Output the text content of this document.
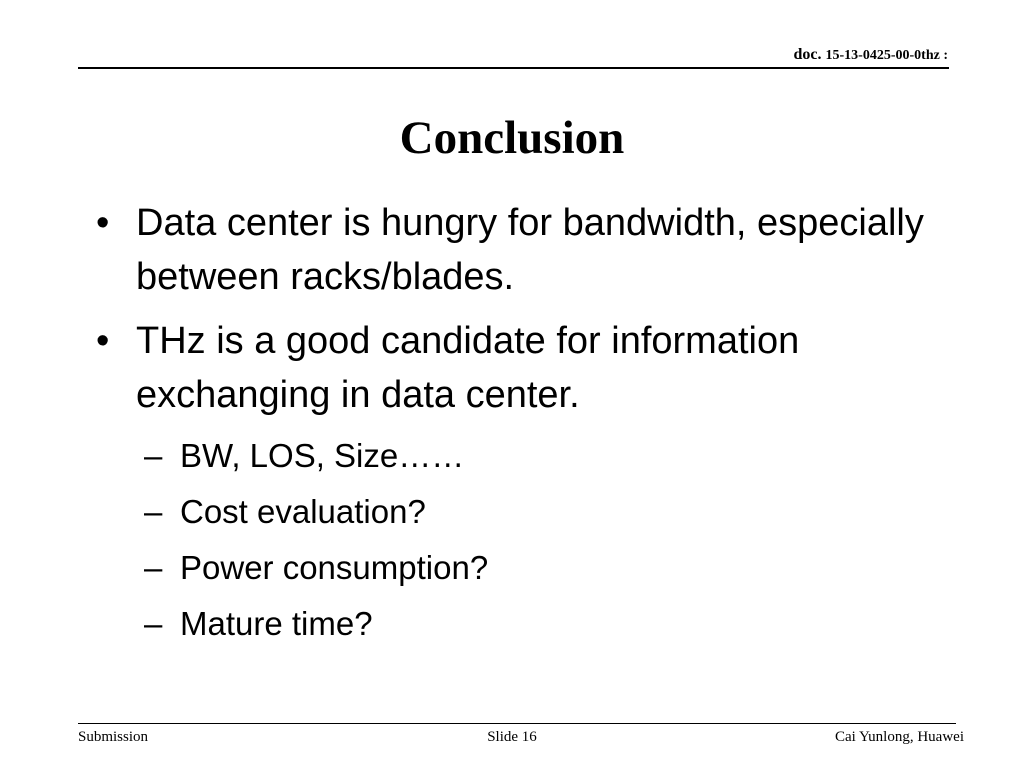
doc. 15-13-0425-00-0thz :
Conclusion
• Data center is hungry for bandwidth, especially between racks/blades.
• THz is a good candidate for information exchanging in data center.
– BW, LOS, Size……
– Cost evaluation?
– Power consumption?
– Mature time?
Submission	Slide 16	Cai Yunlong, Huawei
